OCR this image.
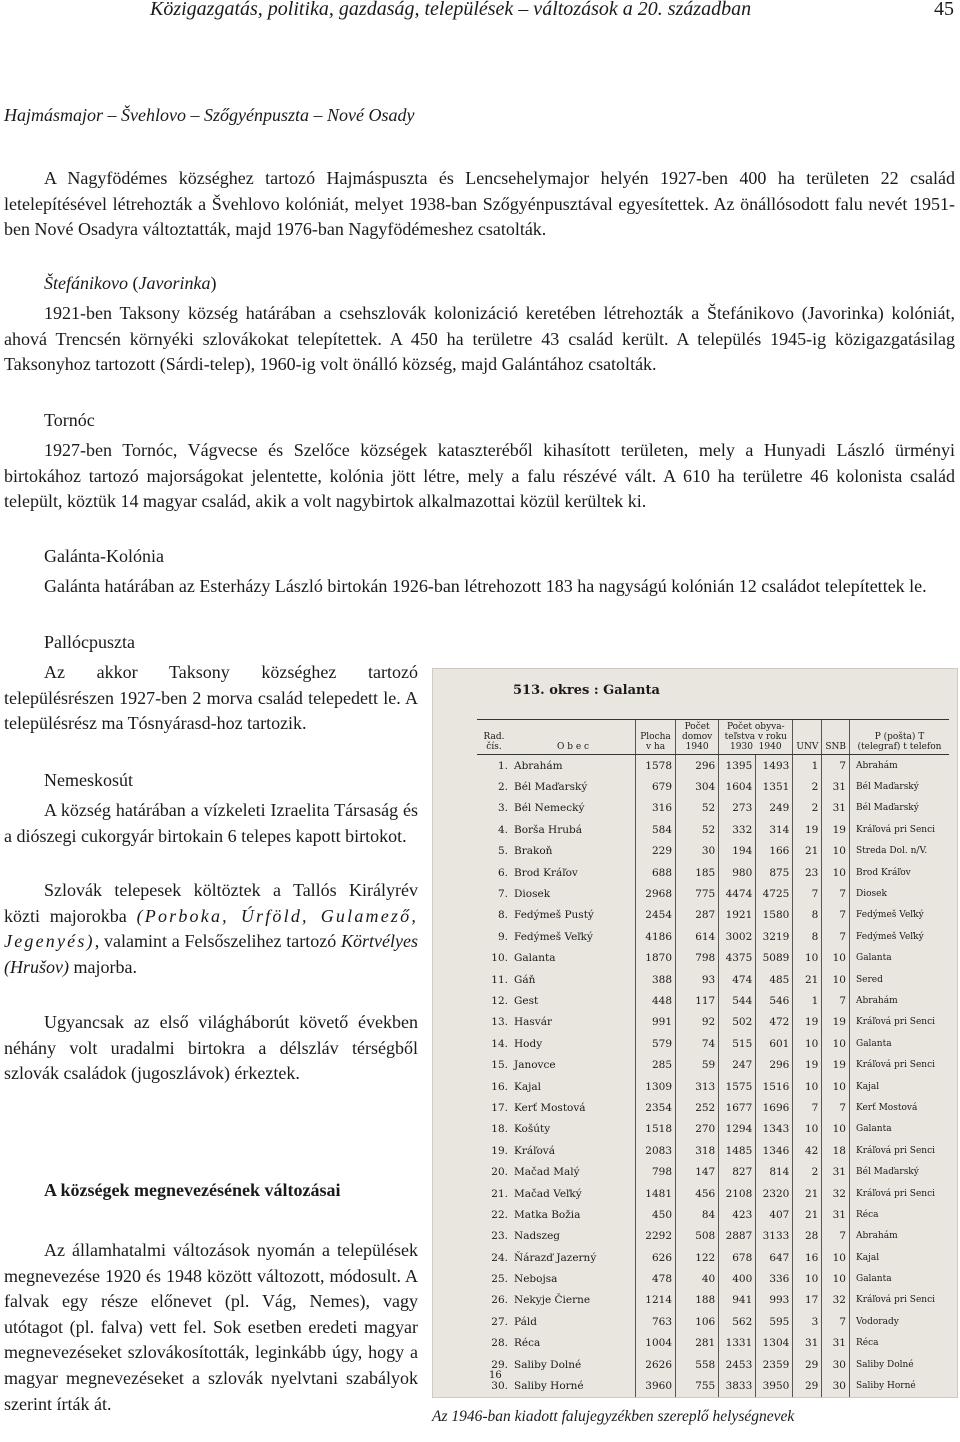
Közigazgatás, politika, gazdaság, települések – változások a 20. században	45

Hajmásmajor – Švehlovo – Szőgyénpuszta – Nové Osady

A Nagyfödémes községhez tartozó Hajmáspuszta és Lencsehelymajor helyén 1927-ben 400 ha területen 22 család letelepítésével létrehozták a Švehlovo kolóniát, melyet 1938-ban Szőgyénpusztával egyesítettek. Az önállósodott falu nevét 1951-ben Nové Osadyra változtatták, majd 1976-ban Nagyfödémeshez csatolták.

Štefánikovo (Javorinka)

1921-ben Taksony község határában a csehszlovák kolonizáció keretében létrehozták a Štefánikovo (Javorinka) kolóniát, ahová Trencsén környéki szlovákokat telepítettek. A 450 ha területre 43 család került. A település 1945-ig közigazgatásilag Taksonyhoz tartozott (Sárdi-telep), 1960-ig volt önálló község, majd Galántához csatolták.

Tornóc

1927-ben Tornóc, Vágvecse és Szelőce községek kataszteréből kihasított területen, mely a Hunyadi László ürményi birtokához tartozó majorságokat jelentette, kolónia jött létre, mely a falu részévé vált. A 610 ha területre 46 kolonista család települt, köztük 14 magyar család, akik a volt nagybirtok alkalmazottai közül kerültek ki.

Galánta-Kolónia

Galánta határában az Esterházy László birtokán 1926-ban létrehozott 183 ha nagyságú kolónián 12 családot telepítettek le.

Pallócpuszta

Az akkor Taksony községhez tartozó településrészen 1927-ben 2 morva család telepedett le. A településrész ma Tósnyárasd-hoz tartozik.

Nemeskosút

A község határában a vízkeleti Izraelita Társaság és a diószegi cukorgyár birtokain 6 telepes kapott birtokot.

Szlovák telepesek költöztek a Tallós Királyrév közti majorokba (Porboka, Úrföld, Gulamező, Jegenyés), valamint a Felsőszelihez tartozó Körtvélyes (Hrušov) majorba.

Ugyancsak az első világháborút követő években néhány volt uradalmi birtokra a délszláv térségből szlovák családok (jugoszlávok) érkeztek.

A községek megnevezésének változásai

Az államhatalmi változások nyomán a települések megnevezése 1920 és 1948 között változott, módosult. A falvak egy része előnevet (pl. Vág, Nemes), vagy utótagot (pl. falva) vett fel. Sok esetben eredeti magyar megnevezéseket szlovákosították, leginkább úgy, hogy a magyar megnevezéseket a szlovák nyelvtani szabályok szerint írták át.

513. okres : Galanta
Rad. čís.	O b e c	Plocha v ha	Počet domov 1940	Počet obyva-teľstva v roku
1930 1940		UNV	SNB	P (pošta) T (telegraf) t telefon
1.	Abrahám	1578	296	1395	1493	1	7	Abrahám
2.	Bél Maďarský	679	304	1604	1351	2	31	Bél Maďarský
3.	Bél Nemecký	316	52	273	249	2	31	Bél Maďarský
4.	Borša Hrubá	584	52	332	314	19	19	Kráľová pri Senci
5.	Brakoň	229	30	194	166	21	10	Streda Dol. n/V.
6.	Brod Kráľov	688	185	980	875	23	10	Brod Kráľov
7.	Diosek	2968	775	4474	4725	7	7	Diosek
8.	Fedýmeš Pustý	2454	287	1921	1580	8	7	Fedýmeš Veľký
9.	Fedýmeš Veľký	4186	614	3002	3219	8	7	Fedýmeš Veľký
10.	Galanta	1870	798	4375	5089	10	10	Galanta
11.	Gáň	388	93	474	485	21	10	Sered
12.	Gest	448	117	544	546	1	7	Abrahám
13.	Hasvár	991	92	502	472	19	19	Kráľová pri Senci
14.	Hody	579	74	515	601	10	10	Galanta
15.	Janovce	285	59	247	296	19	19	Kráľová pri Senci
16.	Kajal	1309	313	1575	1516	10	10	Kajal
17.	Kerť Mostová	2354	252	1677	1696	7	7	Kerť Mostová
18.	Košúty	1518	270	1294	1343	10	10	Galanta
19.	Kráľová	2083	318	1485	1346	42	18	Kráľová pri Senci
20.	Mačad Malý	798	147	827	814	2	31	Bél Maďarský
21.	Mačad Veľký	1481	456	2108	2320	21	32	Kráľová pri Senci
22.	Matka Božia	450	84	423	407	21	31	Réca
23.	Nadszeg	2292	508	2887	3133	28	7	Abrahám
24.	Ňárazď Jazerný	626	122	678	647	16	10	Kajal
25.	Nebojsa	478	40	400	336	10	10	Galanta
26.	Nekyje Čierne	1214	188	941	993	17	32	Kráľová pri Senci
27.	Páld	763	106	562	595	3	7	Vodorady
28.	Réca	1004	281	1331	1304	31	31	Réca
29.	Saliby Dolné	2626	558	2453	2359	29	30	Saliby Dolné
30.	Saliby Horné	3960	755	3833	3950	29	30	Saliby Horné

16
Az 1946-ban kiadott falujegyzékben szereplő helységnevek
